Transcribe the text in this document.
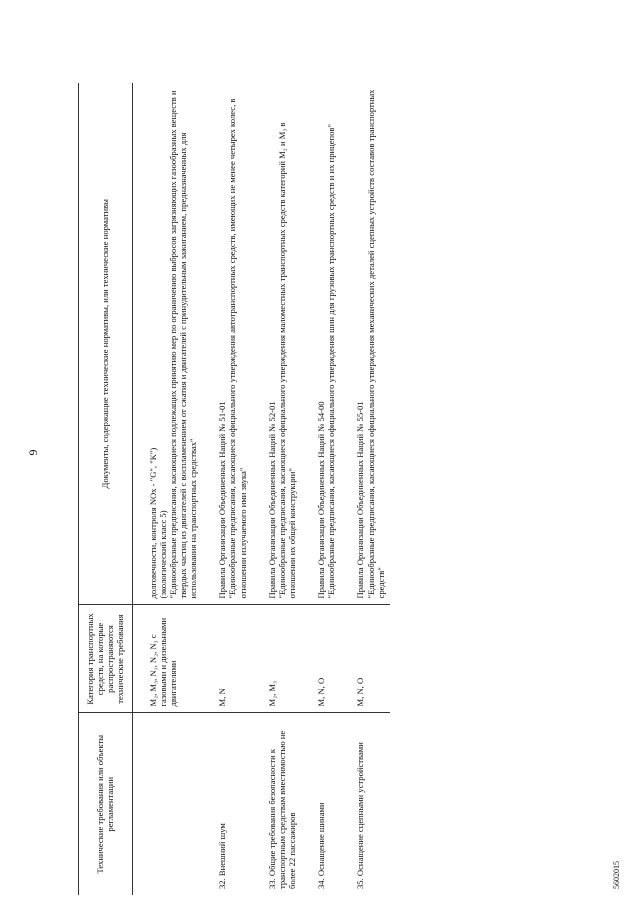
9
Технические требования или объекты регламентации	Категория транспортных средств, на которые распространяются технические требования	Документы, содержащие технические нормативы, или технические нормативы

	M₂, M₃, N₁, N₂, N₃ с газовыми и дизельными двигателями	долговечности, контроля NOx - "G", "K") (экологический класс 5) "Единообразные предписания, касающиеся подлежащих принятию мер по ограничению выбросов загрязняющих газообразных веществ и твердых частиц из двигателей с воспламенением от сжатия и двигателей с принудительным зажиганием, предназначенных для использования на транспортных средствах"

32. Внешний шум	M, N	Правила Организации Объединенных Наций № 51-01 "Единообразные предписания, касающиеся официального утверждения автотранспортных средств, имеющих не менее четырех колес, в отношении излучаемого ими звука"

33. Общие требования безопасности к транспортным средствам вместимостью не более 22 пассажиров	M₂, M₃	Правила Организации Объединенных Наций № 52-01 "Единообразные предписания, касающиеся официального утверждения маломестных транспортных средств категорий M₂ и M₃ в отношении их общей конструкции"

34. Оснащение шинами	M, N, O	Правила Организации Объединенных Наций № 54-00 "Единообразные предписания, касающиеся официального утверждения шин для грузовых транспортных средств и их прицепов"

35. Оснащение сцепными устройствами	M, N, O	Правила Организации Объединенных Наций № 55-01 "Единообразные предписания, касающиеся официального утверждения механических деталей сцепных устройств составов транспортных средств"
5602015
